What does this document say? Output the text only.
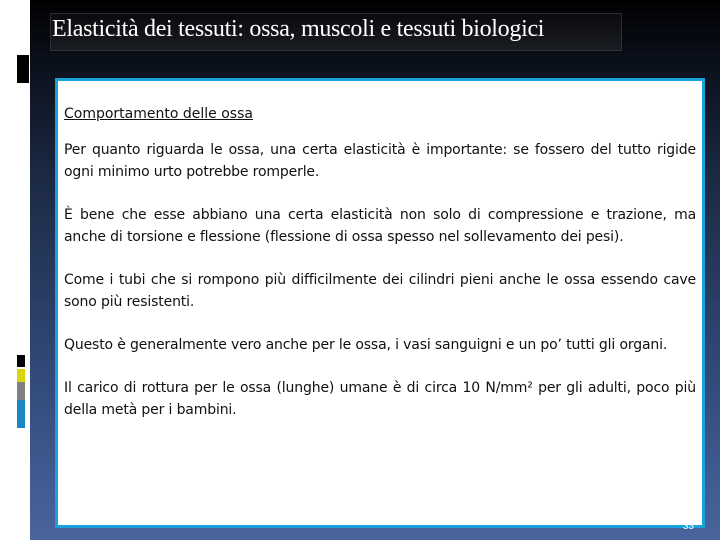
Elasticità dei tessuti: ossa, muscoli e tessuti biologici
Comportamento delle ossa

Per quanto riguarda le ossa, una certa elasticità è importante: se fossero del tutto rigide ogni minimo urto potrebbe romperle.

È bene che esse abbiano una certa elasticità non solo di compressione e trazione, ma anche di torsione e flessione (flessione di ossa spesso nel sollevamento dei pesi).

Come i tubi che si rompono più difficilmente dei cilindri pieni anche le ossa essendo cave sono più resistenti.

Questo è generalmente vero anche per le ossa, i vasi sanguigni e un po’ tutti gli organi.

Il carico di rottura per le ossa (lunghe) umane è di circa 10 N/mm² per gli adulti, poco più della metà per i bambini.

33
